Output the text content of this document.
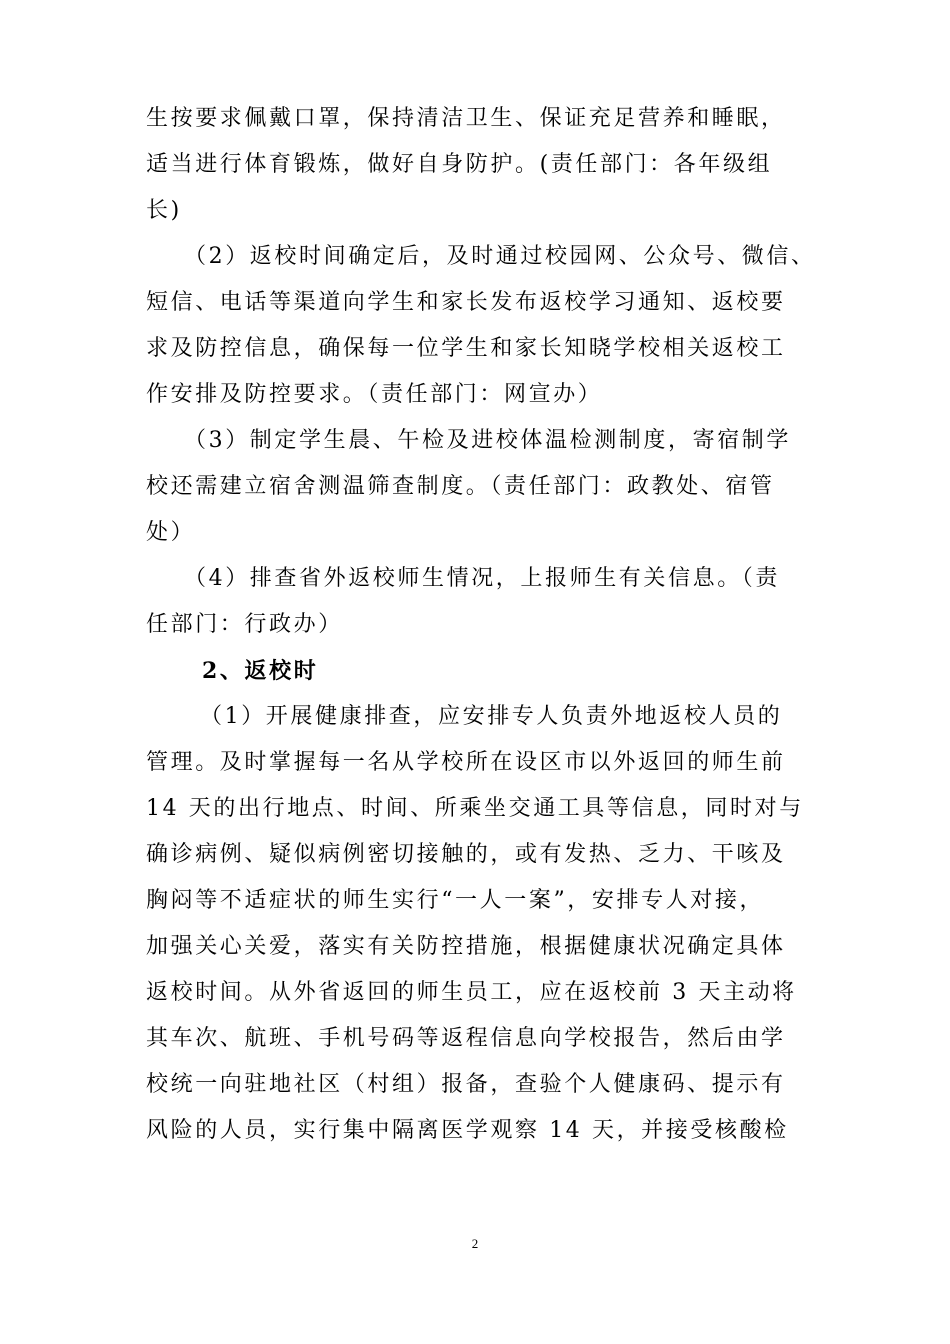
生按要求佩戴口罩，保持清洁卫生、保证充足营养和睡眠，
适当进行体育锻炼，做好自身防护。(责任部门：各年级组
长)
（2）返校时间确定后，及时通过校园网、公众号、微信、
短信、电话等渠道向学生和家长发布返校学习通知、返校要
求及防控信息，确保每一位学生和家长知晓学校相关返校工
作安排及防控要求。（责任部门：网宣办）
（3）制定学生晨、午检及进校体温检测制度，寄宿制学
校还需建立宿舍测温筛查制度。（责任部门：政教处、宿管
处）
（4）排查省外返校师生情况，上报师生有关信息。（责
任部门：行政办）
2、返校时
（1）开展健康排查，应安排专人负责外地返校人员的
管理。及时掌握每一名从学校所在设区市以外返回的师生前
14 天的出行地点、时间、所乘坐交通工具等信息，同时对与
确诊病例、疑似病例密切接触的，或有发热、乏力、干咳及
胸闷等不适症状的师生实行“一人一案”，安排专人对接，
加强关心关爱，落实有关防控措施，根据健康状况确定具体
返校时间。从外省返回的师生员工，应在返校前 3 天主动将
其车次、航班、手机号码等返程信息向学校报告，然后由学
校统一向驻地社区（村组）报备，查验个人健康码、提示有
风险的人员，实行集中隔离医学观察 14 天，并接受核酸检
2
